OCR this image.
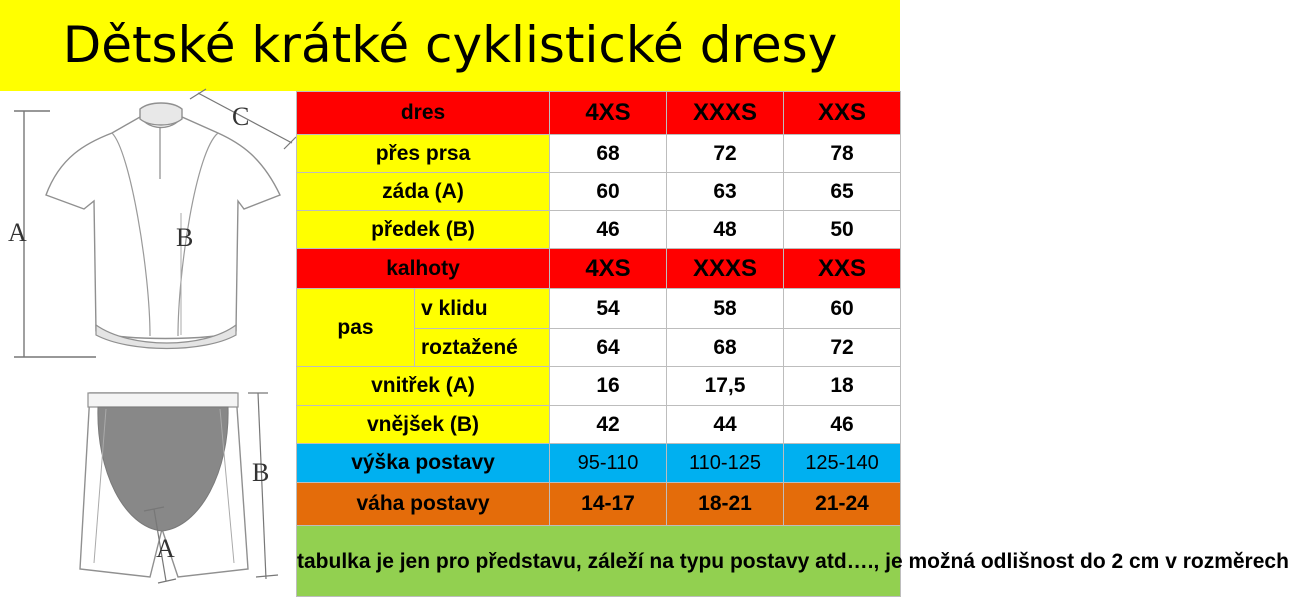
Dětské krátké cyklistické dresy
C
A	B
B
A
dres		4XS	XXXS	XXS
přes prsa		68	72	78
záda (A)		60	63	65
předek (B)		46	48	50
kalhoty		4XS	XXXS	XXS
pas	v klidu	54	58	60
	roztažené	64	68	72
vnitřek (A)		16	17,5	18
vnějšek (B)		42	44	46
výška postavy		95-110	110-125	125-140
váha postavy		14-17	18-21	21-24
tabulka je jen pro představu, záleží na typu postavy atd…., je možná odlišnost do 2 cm v rozměrech				
